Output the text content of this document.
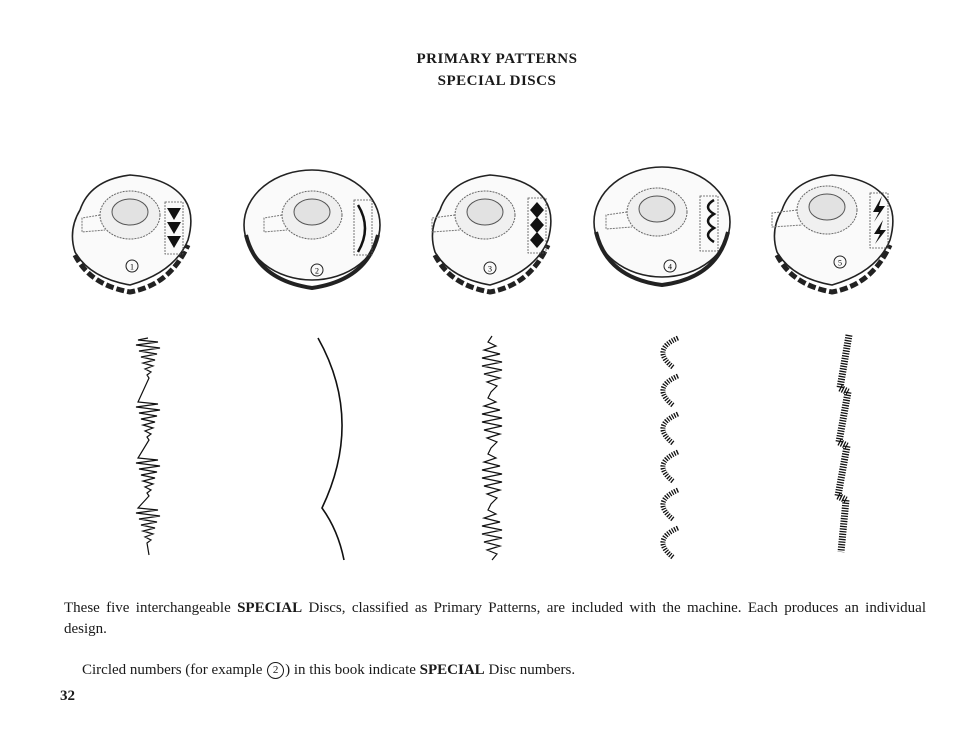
PRIMARY PATTERNS
SPECIAL DISCS
1	2	3	4	5
These five interchangeable SPECIAL Discs, classified as Primary Patterns, are included with the machine. Each produces an individual design.
Circled numbers (for example 2 ) in this book indicate SPECIAL Disc numbers.
32
